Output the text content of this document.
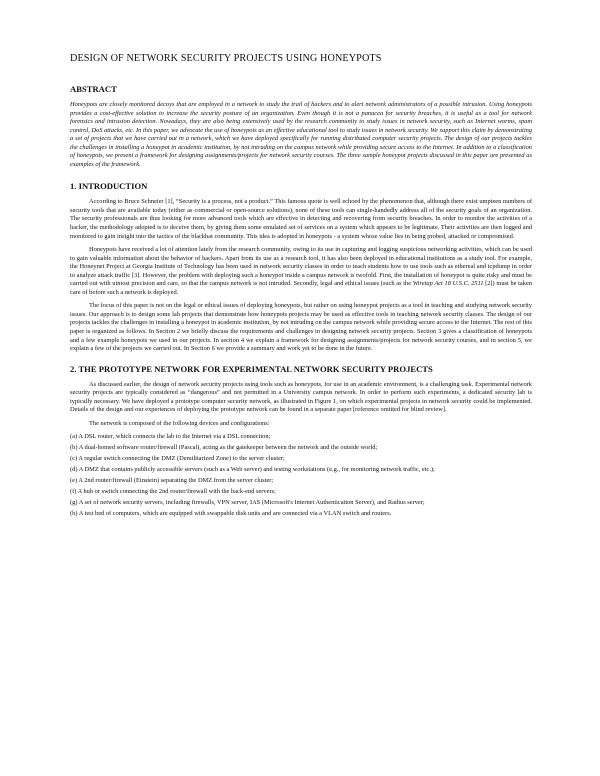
DESIGN OF NETWORK SECURITY PROJECTS USING HONEYPOTS
ABSTRACT
Honeypots are closely monitored decoys that are employed in a network to study the trail of hackers and to alert network administrators of a possible intrusion. Using honeypots provides a cost-effective solution to increase the security posture of an organization. Even though it is not a panacea for security breaches, it is useful as a tool for network forensics and intrusion detection. Nowadays, they are also being extensively used by the research community to study issues in network security, such as Internet worms, spam control, DoS attacks, etc. In this paper, we advocate the use of honeypots as an effective educational tool to study issues in network security. We support this claim by demonstrating a set of projects that we have carried out in a network, which we have deployed specifically for running distributed computer security projects. The design of our projects tackles the challenges in installing a honeypot in academic institution, by not intruding on the campus network while providing secure access to the Internet. In addition to a classification of honeypots, we present a framework for designing assignments/projects for network security courses. The three sample honeypot projects discussed in this paper are presented as examples of the framework.
1. INTRODUCTION
According to Bruce Schneier [1], “Security is a process, not a product.” This famous quote is well echoed by the phenomenon that, although there exist umpteen numbers of security tools that are available today (either as commercial or open-source solutions), none of these tools can single-handedly address all of the security goals of an organization. The security professionals are thus looking for more advanced tools which are effective in detecting and recovering from security breaches. In order to monitor the activities of a hacker, the methodology adopted is to deceive them, by giving them some emulated set of services on a system which appears to be legitimate. Their activities are then logged and monitored to gain insight into the tactics of the blackhat community. This idea is adopted in honeypots - a system whose value lies in being probed, attacked or compromised.
Honeypots have received a lot of attention lately from the research community, owing to its use in capturing and logging suspicious networking activities, which can be used to gain valuable information about the behavior of hackers. Apart from its use as a research tool, it has also been deployed in educational institutions as a study tool. For example, the Honeynet Project at Georgia Institute of Technology has been used in network security classes in order to teach students how to use tools such as ethereal and tcpdump in order to analyze attack traffic [3]. However, the problem with deploying such a honeypot inside a campus network is twofold. First, the installation of honeypot is quite risky and must be carried out with utmost precision and care, so that the campus network is not intruded. Secondly, legal and ethical issues (such as the Wiretap Act 18 U.S.C. 2511 [2]) must be taken care of before such a network is deployed.
The focus of this paper is not on the legal or ethical issues of deploying honeypots, but rather on using honeypot projects as a tool in teaching and studying network security issues. Our approach is to design some lab projects that demonstrate how honeypots projects may be used as effective tools in teaching network security classes. The design of our projects tackles the challenges in installing a honeypot in academic institution, by not intruding on the campus network while providing secure access to the Internet. The rest of this paper is organized as follows. In Section 2 we briefly discuss the requirements and challenges in designing network security projects. Section 3 gives a classification of honeypots and a few example honeypots we used in our projects. In section 4 we explain a framework for designing assignments/projects for network security courses, and in section 5, we explain a few of the projects we carried out. In Section 6 we provide a summary and work yet to be done in the future.
2. THE PROTOTYPE NETWORK FOR EXPERIMENTAL NETWORK SECURITY PROJECTS
As discussed earlier, the design of network security projects using tools such as honeypots, for use in an academic environment, is a challenging task. Experimental network security projects are typically considered as “dangerous” and not permitted in a University campus network. In order to perform such experiments, a dedicated security lab is typically necessary. We have deployed a prototype computer security network, as illustrated in Figure 1, on which experimental projects in network security could be implemented. Details of the design and our experiences of deploying the prototype network can be found in a separate paper [reference omitted for blind review].
The network is composed of the following devices and configurations:
(a) A DSL router, which connects the lab to the Internet via a DSL connection;
(b) A dual-homed software router/firewall (Pascal), acting as the gatekeeper between the network and the outside world;
(c) A regular switch connecting the DMZ (Demilitarized Zone) to the server cluster;
(d) A DMZ that contains publicly accessible servers (such as a Web server) and testing workstations (e.g., for monitoring network traffic, etc.);
(e) A 2nd router/firewall (Einstein) separating the DMZ from the server cluster;
(f) A hub or switch connecting the 2nd router/firewall with the back-end servers;
(g) A set of network security servers, including firewalls, VPN server, IAS (Microsoft's Internet Authentication Server), and Radius server;
(h) A test bed of computers, which are equipped with swappable disk units and are connected via a VLAN switch and routers.
